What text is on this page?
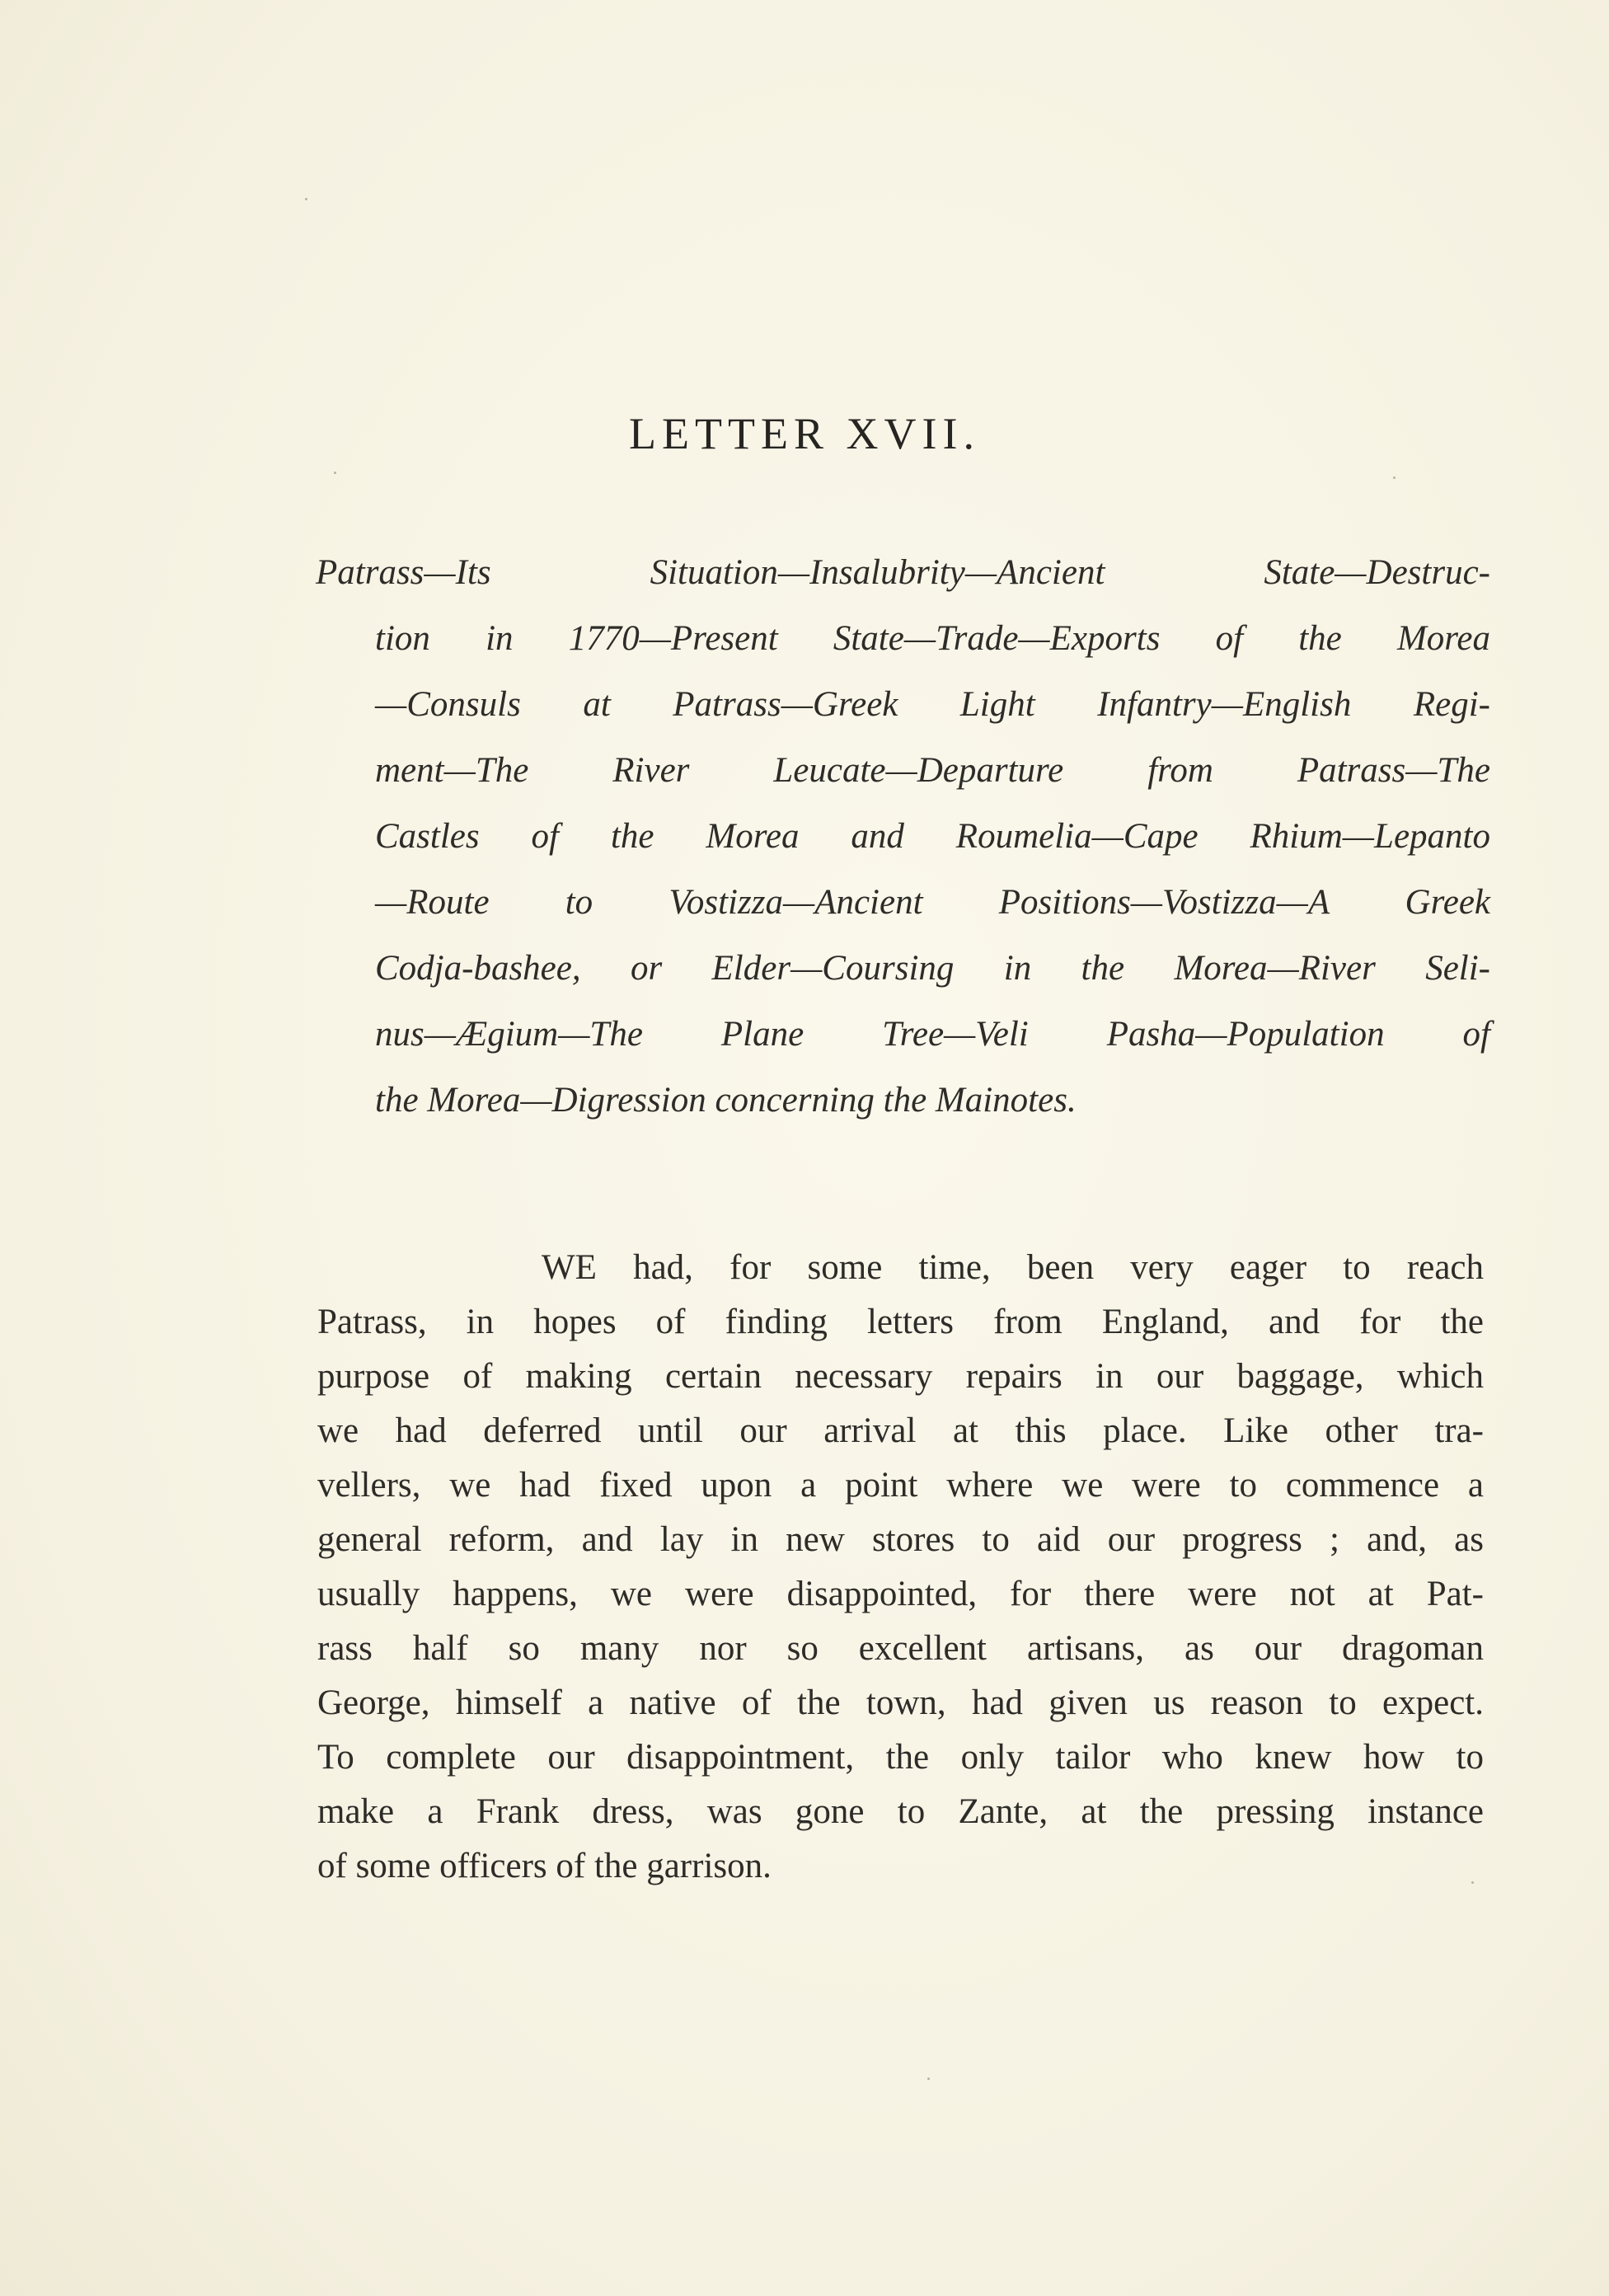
LETTER XVII.

Patrass—Its Situation—Insalubrity—Ancient State—Destruc-
tion in 1770—Present State—Trade—Exports of the Morea
—Consuls at Patrass—Greek Light Infantry—English Regi-
ment—The River Leucate—Departure from Patrass—The
Castles of the Morea and Roumelia—Cape Rhium—Lepanto
—Route to Vostizza—Ancient Positions—Vostizza—A Greek
Codja-bashee, or Elder—Coursing in the Morea—River Seli-
nus—Ægium—The Plane Tree—Veli Pasha—Population of
the Morea—Digression concerning the Mainotes.

WE had, for some time, been very eager to reach
Patrass, in hopes of finding letters from England, and for the
purpose of making certain necessary repairs in our baggage, which
we had deferred until our arrival at this place. Like other tra-
vellers, we had fixed upon a point where we were to commence a
general reform, and lay in new stores to aid our progress ; and, as
usually happens, we were disappointed, for there were not at Pat-
rass half so many nor so excellent artisans, as our dragoman
George, himself a native of the town, had given us reason to expect.
To complete our disappointment, the only tailor who knew how to
make a Frank dress, was gone to Zante, at the pressing instance
of some officers of the garrison.
